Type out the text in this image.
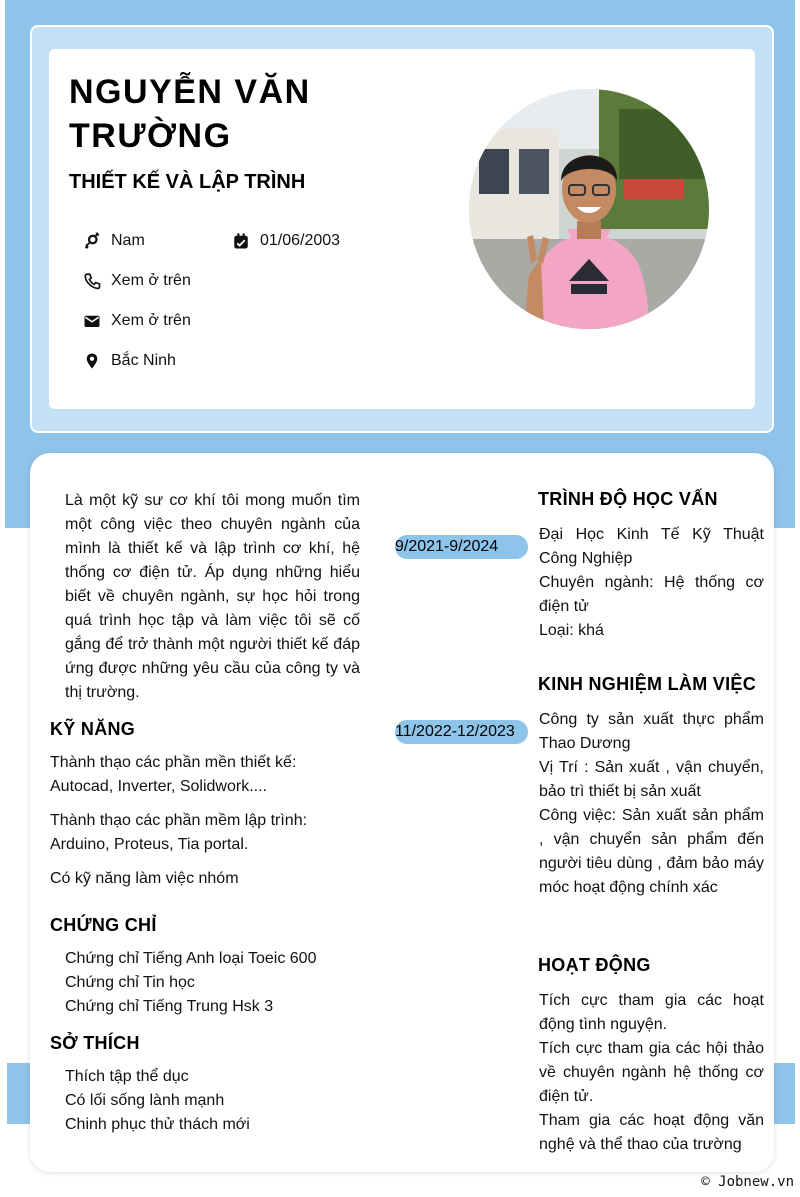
NGUYỄN VĂN TRƯỜNG
THIẾT KẾ VÀ LẬP TRÌNH
Nam	01/06/2003
Xem ở trên
Xem ở trên
Bắc Ninh
Là một kỹ sư cơ khí tôi mong muốn tìm một công việc theo chuyên ngành của mình là thiết kế và lập trình cơ khí, hệ thống cơ điện tử. Áp dụng những hiểu biết về chuyên ngành, sự học hỏi trong quá trình học tập và làm việc tôi sẽ cố gắng để trở thành một người thiết kế đáp ứng được những yêu cầu của công ty và thị trường.
KỸ NĂNG
Thành thạo các phần mền thiết kế: Autocad, Inverter, Solidwork....
Thành thạo các phần mềm lập trình: Arduino, Proteus, Tia portal.
Có kỹ năng làm việc nhóm
CHỨNG CHỈ
Chứng chỉ Tiếng Anh loại Toeic 600
Chứng chỉ Tin học
Chứng chỉ Tiếng Trung Hsk 3
SỞ THÍCH
Thích tập thể dục
Có lối sống lành mạnh
Chinh phục thử thách mới
TRÌNH ĐỘ HỌC VẤN
9/2021-9/2024
Đại Học Kinh Tế Kỹ Thuật Công Nghiệp
Chuyên ngành: Hệ thống cơ điện tử
Loại: khá
KINH NGHIỆM LÀM VIỆC
11/2022-12/2023
Công ty sản xuất thực phẩm Thao Dương
Vị Trí : Sản xuất , vận chuyển, bảo trì thiết bị sản xuất
Công việc: Sản xuất sản phẩm , vận chuyển sản phẩm đến người tiêu dùng , đảm bảo máy móc hoạt động chính xác
HOẠT ĐỘNG
Tích cực tham gia các hoạt động tình nguyện.
Tích cực tham gia các hội thảo về chuyên ngành hệ thống cơ điện tử.
Tham gia các hoạt động văn nghệ và thể thao của trường
© Jobnew.vn
